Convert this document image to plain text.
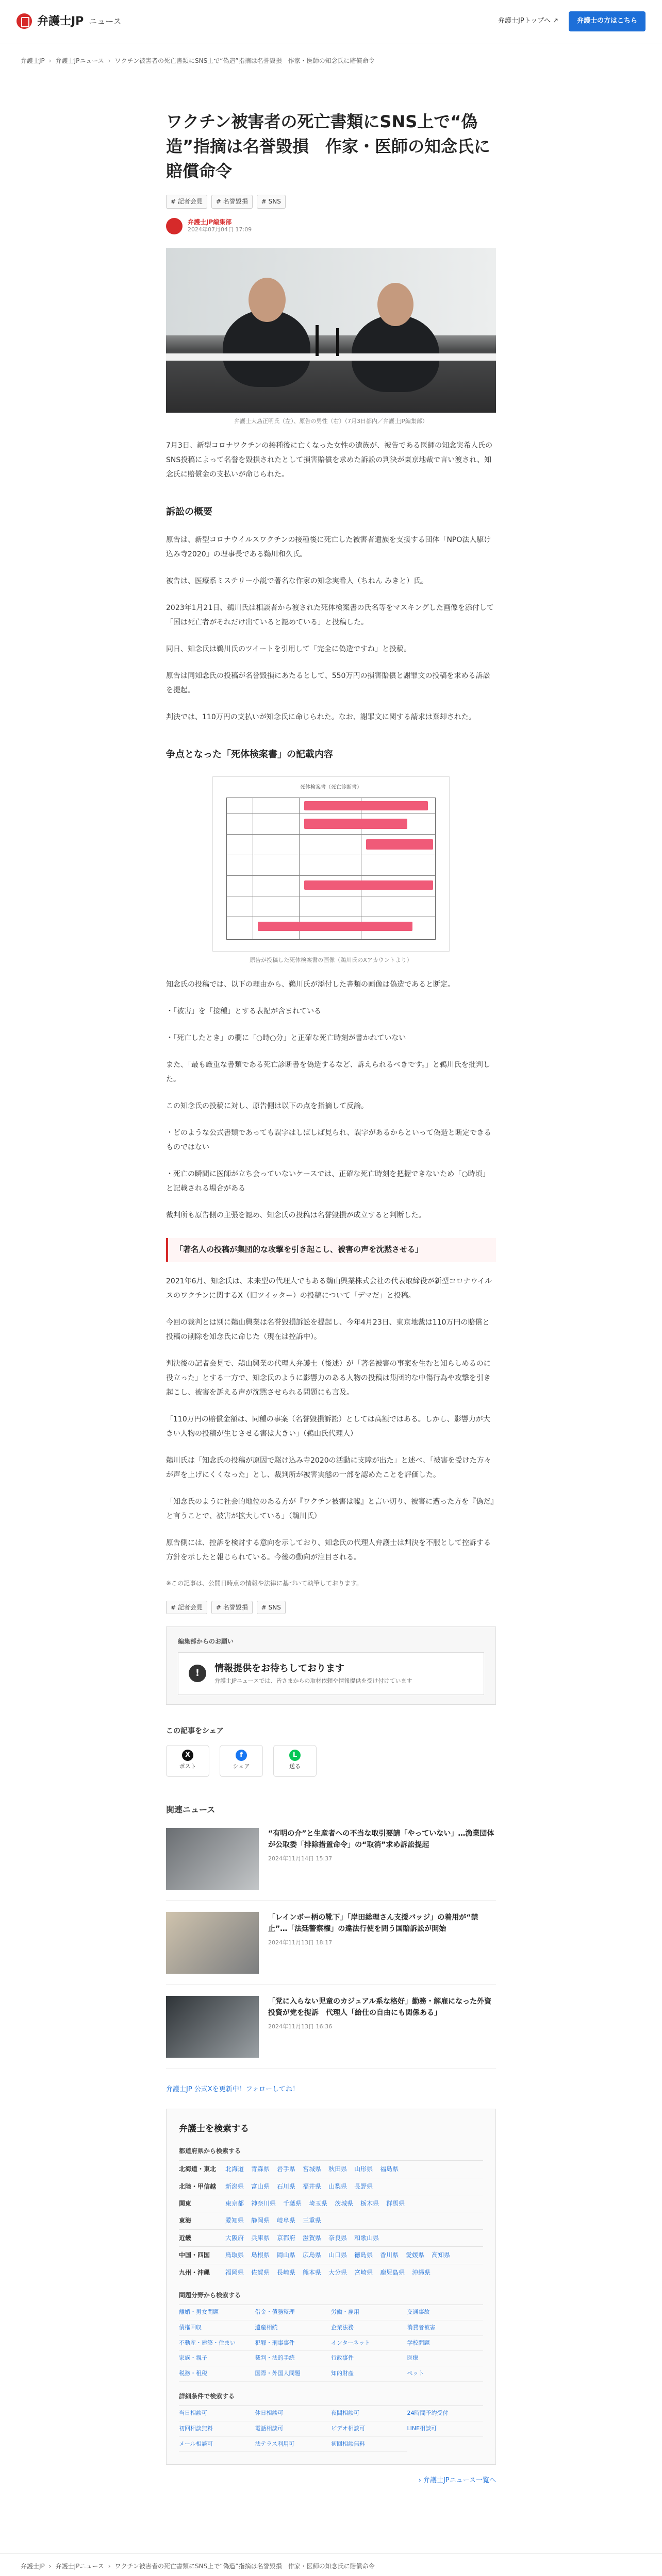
弁護士JP ニュース	弁護士JPトップへ ↗	弁護士の方はこちら
弁護士JP › 弁護士JPニュース › ワクチン被害者の死亡書類にSNS上で“偽造”指摘は名誉毀損　作家・医師の知念氏に賠償命令
ワクチン被害者の死亡書類にSNS上で“偽造”指摘は名誉毀損　作家・医師の知念氏に賠償命令
# 記者会見	# 名誉毀損	# SNS
弁護士JP編集部
2024年07月04日 17:09
弁護士大島正明氏（左）、原告の男性（右）（7月3日都内／弁護士JP編集部）

7月3日、新型コロナワクチンの接種後に亡くなった女性の遺族が、被告である医師の知念実希人氏のSNS投稿によって名誉を毀損されたとして損害賠償を求めた訴訟の判決が東京地裁で言い渡され、知念氏に賠償金の支払いが命じられた。

訴訟の概要

原告は、新型コロナウイルスワクチンの接種後に死亡した被害者遺族を支援する団体「NPO法人駆け込み寺2020」の理事長である鵜川和久氏。

被告は、医療系ミステリー小説で著名な作家の知念実希人（ちねん みきと）氏。

2023年1月21日、鵜川氏は相談者から渡された死体検案書の氏名等をマスキングした画像を添付して「国は死亡者がそれだけ出ていると認めている」と投稿した。

同日、知念氏は鵜川氏のツイートを引用して「完全に偽造ですね」と投稿。

原告は同知念氏の投稿が名誉毀損にあたるとして、550万円の損害賠償と謝罪文の投稿を求める訴訟を提起。

判決では、110万円の支払いが知念氏に命じられた。なお、謝罪文に関する請求は棄却された。

争点となった「死体検案書」の記載内容
死体検案書（死亡診断書）
原告が投稿した死体検案書の画像（鵜川氏のXアカウントより）

知念氏の投稿では、以下の理由から、鵜川氏が添付した書類の画像は偽造であると断定。

・「被害」を「接種」とする表記が含まれている

・「死亡したとき」の欄に「○時○分」と正確な死亡時刻が書かれていない

また、「最も厳重な書類である死亡診断書を偽造するなど、訴えられるべきです。」と鵜川氏を批判した。

この知念氏の投稿に対し、原告側は以下の点を指摘して反論。

・どのような公式書類であっても誤字はしばしば見られ、誤字があるからといって偽造と断定できるものではない

・死亡の瞬間に医師が立ち会っていないケースでは、正確な死亡時刻を把握できないため「○時頃」と記載される場合がある

裁判所も原告側の主張を認め、知念氏の投稿は名誉毀損が成立すると判断した。

「著名人の投稿が集団的な攻撃を引き起こし、被害の声を沈黙させる」

2021年6月、知念氏は、未来型の代理人でもある鵜山興業株式会社の代表取締役が新型コロナウイルスのワクチンに関するX（旧ツイッター）の投稿について「デマだ」と投稿。

今回の裁判とは別に鵜山興業は名誉毀損訴訟を提起し、今年4月23日、東京地裁は110万円の賠償と投稿の削除を知念氏に命じた（現在は控訴中）。

判決後の記者会見で、鵜山興業の代理人弁護士（後述）が「著名被害の事案を生むと知らしめるのに役立った」とする一方で、知念氏のように影響力のある人物の投稿は集団的な中傷行為や攻撃を引き起こし、被害を訴える声が沈黙させられる問題にも言及。

「110万円の賠償金額は、同種の事案（名誉毀損訴訟）としては高額ではある。しかし、影響力が大きい人物の投稿が生じさせる害は大きい」（鵜山氏代理人）

鵜川氏は「知念氏の投稿が原因で駆け込み寺2020の活動に支障が出た」と述べ、「被害を受けた方々が声を上げにくくなった」とし、裁判所が被害実態の一部を認めたことを評価した。

「知念氏のように社会的地位のある方が『ワクチン被害は嘘』と言い切り、被害に遭った方を『偽だ』と言うことで、被害が拡大している」（鵜川氏）

原告側には、控訴を検討する意向を示しており、知念氏の代理人弁護士は判決を不服として控訴する方針を示したと報じられている。今後の動向が注目される。

※この記事は、公開日時点の情報や法律に基づいて執筆しております。

# 記者会見	# 名誉毀損	# SNS
編集部からのお願い
!	情報提供をお待ちしております
弁護士JPニュースでは、皆さまからの取材依頼や情報提供を受け付けています
この記事をシェア
X
ポスト
f
シェア
L
送る
関連ニュース
“有明の介”と生産者への不当な取引要請「やっていない」…漁業団体が公取委「排除措置命令」の“取消”求め訴訟提起
2024年11月14日 15:37
「レインボー柄の靴下」「岸田総理さん支援バッジ」の着用が“禁止”…「法廷警察権」の違法行使を問う国賠訴訟が開始
2024年11月13日 18:17
「党に入らない児童のカジュアル系な格好」勤務・解雇になった外資投資が党を提訴　代理人「給仕の自由にも関係ある」
2024年11月13日 16:36
弁護士JP 公式Xを更新中！フォローしてね！
弁護士を検索する
都道府県から検索する
北海道・東北	北海道 青森県 岩手県 宮城県 秋田県 山形県 福島県
北陸・甲信越	新潟県 富山県 石川県 福井県 山梨県 長野県
関東	東京都 神奈川県 千葉県 埼玉県 茨城県 栃木県 群馬県
東海	愛知県 静岡県 岐阜県 三重県
近畿	大阪府 兵庫県 京都府 滋賀県 奈良県 和歌山県
中国・四国	鳥取県 島根県 岡山県 広島県 山口県 徳島県 香川県 愛媛県 高知県
九州・沖縄	福岡県 佐賀県 長崎県 熊本県 大分県 宮崎県 鹿児島県 沖縄県
問題分野から検索する
離婚・男女問題	借金・債務整理	労働・雇用	交通事故
債権回収	遺産相続	企業法務	消費者被害
不動産・建築・住まい	犯罪・刑事事件	インターネット	学校問題
家族・親子	裁判・法的手続	行政事件	医療
税務・租税	国際・外国人問題	知的財産	ペット
詳細条件で検索する
当日相談可	休日相談可	夜間相談可	24時間予約受付
初回相談無料	電話相談可	ビデオ相談可	LINE相談可
メール相談可	法テラス利用可	初回相談無料
› 弁護士JPニュース一覧へ
弁護士JP › 弁護士JPニュース › ワクチン被害者の死亡書類にSNS上で“偽造”指摘は名誉毀損　作家・医師の知念氏に賠償命令
